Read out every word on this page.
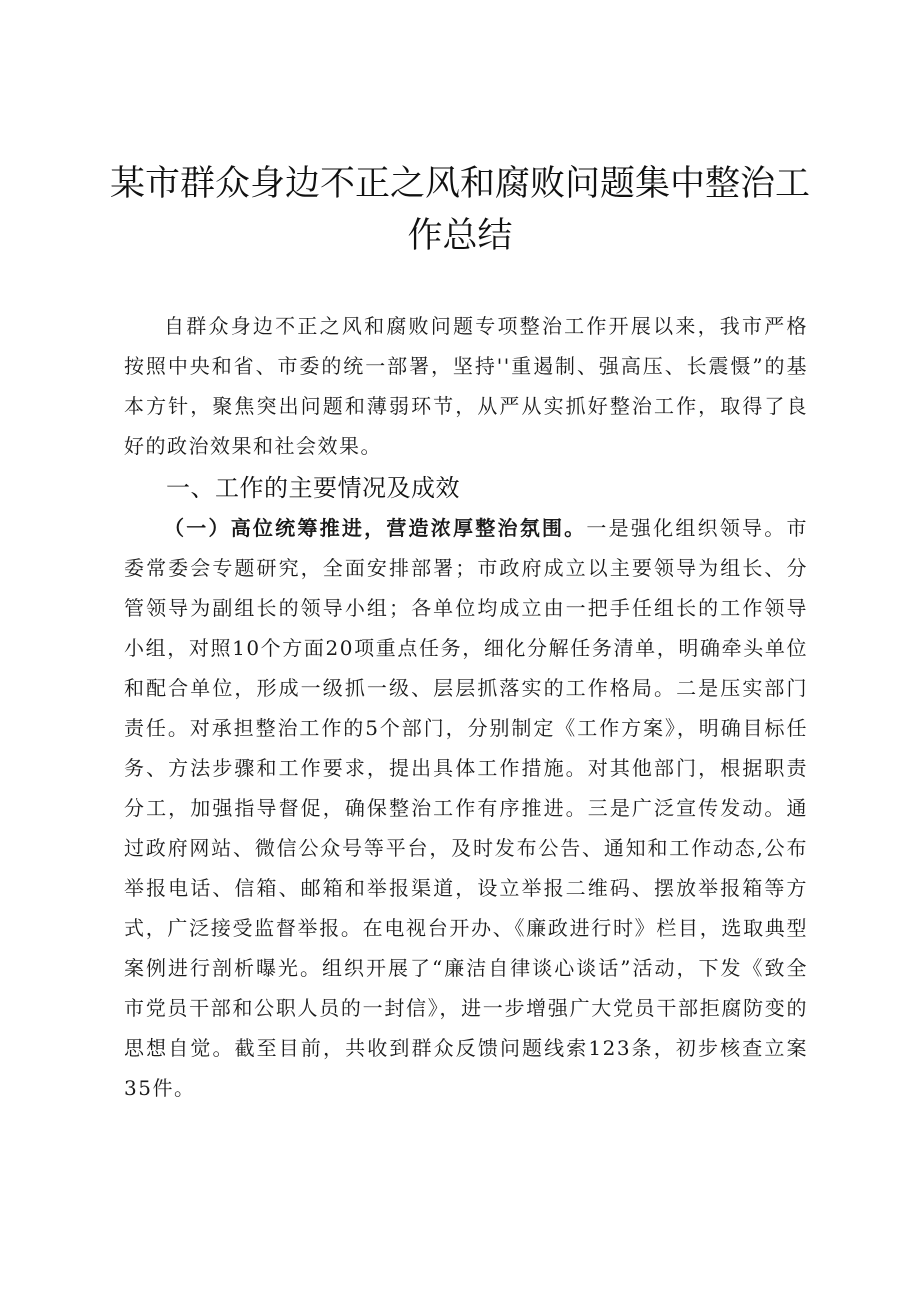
某市群众身边不正之风和腐败问题集中整治工作总结

自群众身边不正之风和腐败问题专项整治工作开展以来，我市严格按照中央和省、市委的统一部署，坚持''重遏制、强高压、长震慑”的基本方针，聚焦突出问题和薄弱环节，从严从实抓好整治工作，取得了良好的政治效果和社会效果。

一、工作的主要情况及成效

（一）高位统筹推进，营造浓厚整治氛围。一是强化组织领导。市委常委会专题研究，全面安排部署；市政府成立以主要领导为组长、分管领导为副组长的领导小组；各单位均成立由一把手任组长的工作领导小组，对照10个方面20项重点任务，细化分解任务清单，明确牵头单位和配合单位，形成一级抓一级、层层抓落实的工作格局。二是压实部门责任。对承担整治工作的5个部门，分别制定《工作方案》，明确目标任务、方法步骤和工作要求，提出具体工作措施。对其他部门，根据职责分工，加强指导督促，确保整治工作有序推进。三是广泛宣传发动。通过政府网站、微信公众号等平台，及时发布公告、通知和工作动态,公布举报电话、信箱、邮箱和举报渠道，设立举报二维码、摆放举报箱等方式，广泛接受监督举报。在电视台开办、《廉政进行时》栏目，选取典型案例进行剖析曝光。组织开展了“廉洁自律谈心谈话”活动，下发《致全市党员干部和公职人员的一封信》，进一步增强广大党员干部拒腐防变的思想自觉。截至目前，共收到群众反馈问题线索123条，初步核查立案35件。
